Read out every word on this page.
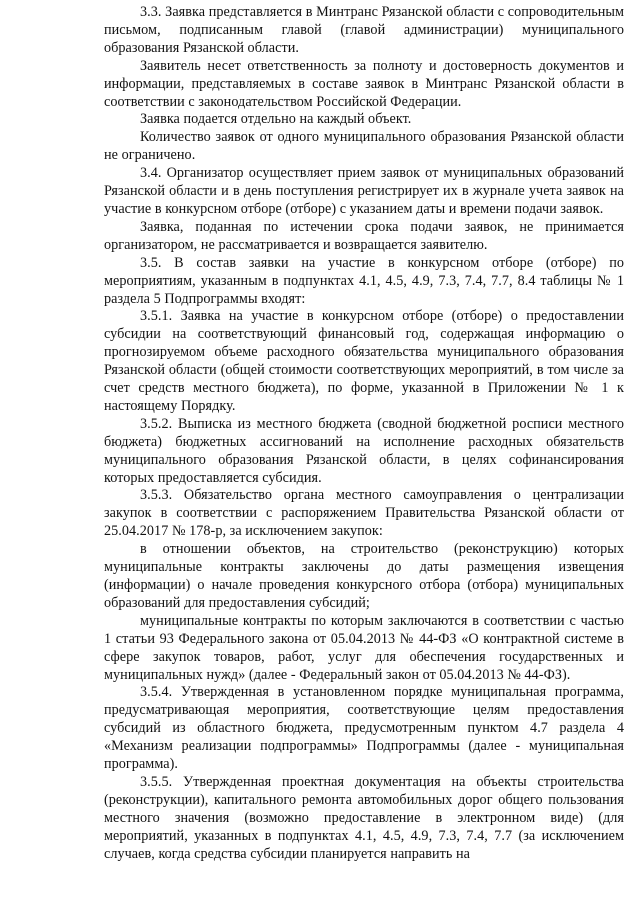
3.3. Заявка представляется в Минтранс Рязанской области с сопроводительным письмом, подписанным главой (главой администрации) муниципального образования Рязанской области.

Заявитель несет ответственность за полноту и достоверность документов и информации, представляемых в составе заявок в Минтранс Рязанской области в соответствии с законодательством Российской Федерации.

Заявка подается отдельно на каждый объект.

Количество заявок от одного муниципального образования Рязанской области не ограничено.

3.4. Организатор осуществляет прием заявок от муниципальных образований Рязанской области и в день поступления регистрирует их в журнале учета заявок на участие в конкурсном отборе (отборе) с указанием даты и времени подачи заявок.

Заявка, поданная по истечении срока подачи заявок, не принимается организатором, не рассматривается и возвращается заявителю.

3.5. В состав заявки на участие в конкурсном отборе (отборе) по мероприятиям, указанным в подпунктах 4.1, 4.5, 4.9, 7.3, 7.4, 7.7, 8.4 таблицы № 1 раздела 5 Подпрограммы входят:

3.5.1. Заявка на участие в конкурсном отборе (отборе) о предоставлении субсидии на соответствующий финансовый год, содержащая информацию о прогнозируемом объеме расходного обязательства муниципального образования Рязанской области (общей стоимости соответствующих мероприятий, в том числе за счет средств местного бюджета), по форме, указанной в Приложении № 1 к настоящему Порядку.

3.5.2. Выписка из местного бюджета (сводной бюджетной росписи местного бюджета) бюджетных ассигнований на исполнение расходных обязательств муниципального образования Рязанской области, в целях софинансирования которых предоставляется субсидия.

3.5.3. Обязательство органа местного самоуправления о централизации закупок в соответствии с распоряжением Правительства Рязанской области от 25.04.2017 № 178-р, за исключением закупок:

в отношении объектов, на строительство (реконструкцию) которых муниципальные контракты заключены до даты размещения извещения (информации) о начале проведения конкурсного отбора (отбора) муниципальных образований для предоставления субсидий;

муниципальные контракты по которым заключаются в соответствии с частью 1 статьи 93 Федерального закона от 05.04.2013 № 44-ФЗ «О контрактной системе в сфере закупок товаров, работ, услуг для обеспечения государственных и муниципальных нужд» (далее - Федеральный закон от 05.04.2013 № 44-ФЗ).

3.5.4. Утвержденная в установленном порядке муниципальная программа, предусматривающая мероприятия, соответствующие целям предоставления субсидий из областного бюджета, предусмотренным пунктом 4.7 раздела 4 «Механизм реализации подпрограммы» Подпрограммы (далее - муниципальная программа).

3.5.5. Утвержденная проектная документация на объекты строительства (реконструкции), капитального ремонта автомобильных дорог общего пользования местного значения (возможно предоставление в электронном виде) (для мероприятий, указанных в подпунктах 4.1, 4.5, 4.9, 7.3, 7.4, 7.7 (за исключением случаев, когда средства субсидии планируется направить на
